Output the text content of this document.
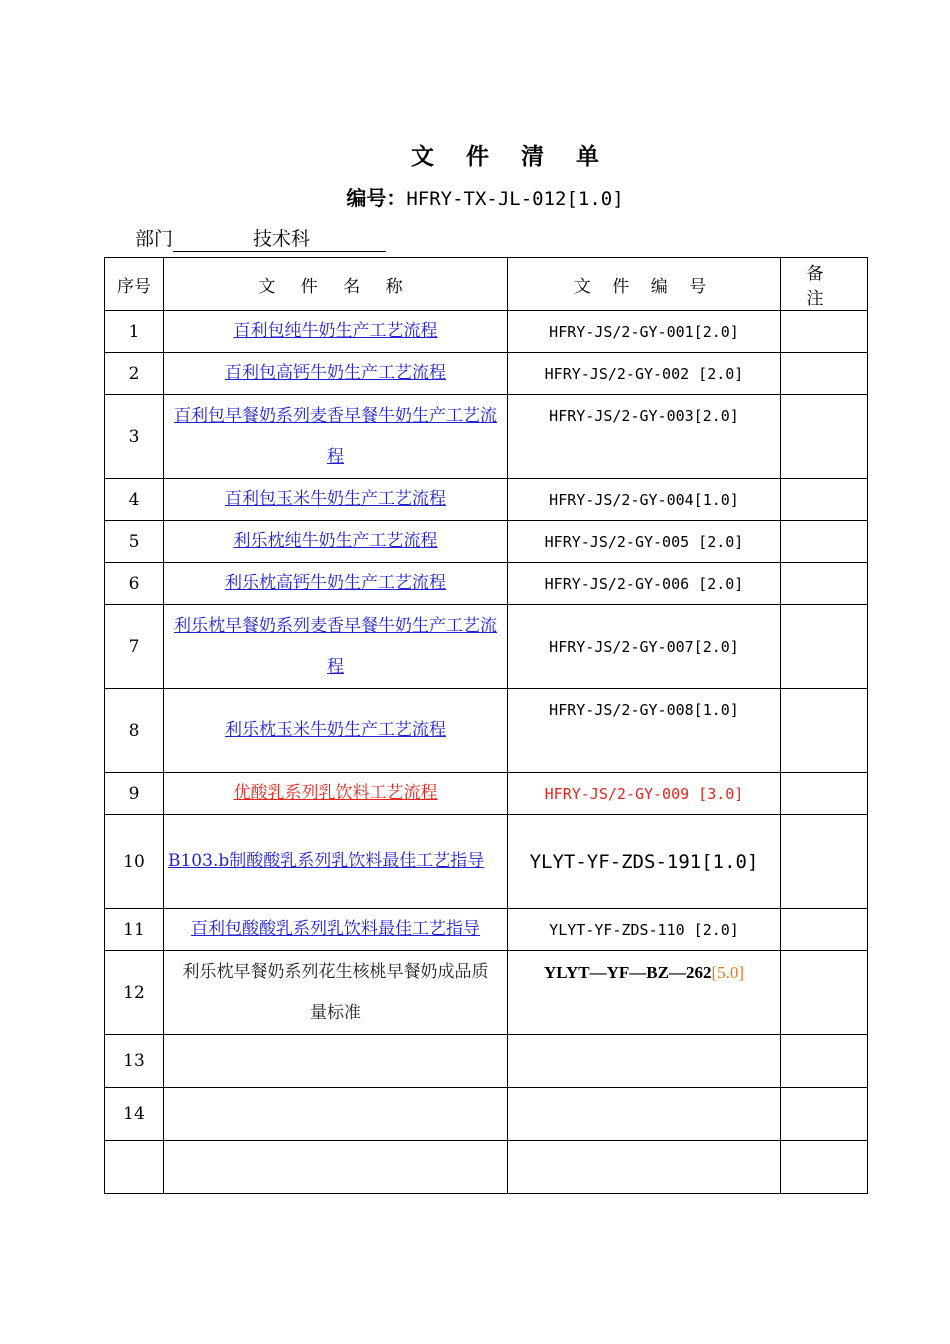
文 件 清 单
编号：HFRY-TX-JL-012[1.0]
部门	技术科
序号	文 件 名 称	文 件 编 号	备 注
1	百利包纯牛奶生产工艺流程	HFRY-JS/2-GY-001[2.0]	
2	百利包高钙牛奶生产工艺流程	HFRY-JS/2-GY-002 [2.0]	
3	百利包早餐奶系列麦香早餐牛奶生产工艺流程	HFRY-JS/2-GY-003[2.0]	
4	百利包玉米牛奶生产工艺流程	HFRY-JS/2-GY-004[1.0]	
5	利乐枕纯牛奶生产工艺流程	HFRY-JS/2-GY-005 [2.0]	
6	利乐枕高钙牛奶生产工艺流程	HFRY-JS/2-GY-006 [2.0]	
7	利乐枕早餐奶系列麦香早餐牛奶生产工艺流程	HFRY-JS/2-GY-007[2.0]	
8	利乐枕玉米牛奶生产工艺流程	HFRY-JS/2-GY-008[1.0]	
9	优酸乳系列乳饮料工艺流程	HFRY-JS/2-GY-009 [3.0]	
10	B103.b制酸酸乳系列乳饮料最佳工艺指导	YLYT-YF-ZDS-191[1.0]	
11	百利包酸酸乳系列乳饮料最佳工艺指导	YLYT-YF-ZDS-110 [2.0]	
12	利乐枕早餐奶系列花生核桃早餐奶成品质量标准	YLYT—YF—BZ—262[5.0]	
13			
14			
